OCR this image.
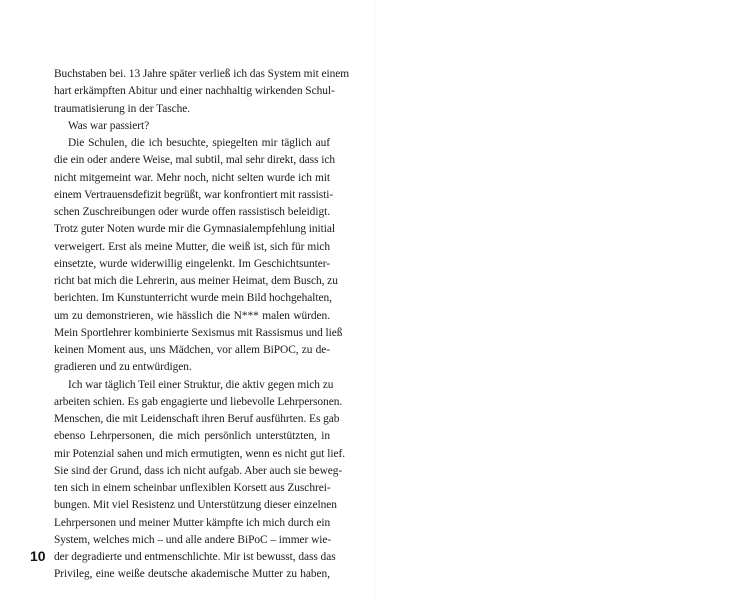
Buchstaben bei. 13 Jahre später verließ ich das System mit einem
hart erkämpften Abitur und einer nachhaltig wirkenden Schul-
traumatisierung in der Tasche.
Was war passiert?
Die Schulen, die ich besuchte, spiegelten mir täglich auf
die ein oder andere Weise, mal subtil, mal sehr direkt, dass ich
nicht mitgemeint war. Mehr noch, nicht selten wurde ich mit
einem Vertrauensdefizit begrüßt, war konfrontiert mit rassisti-
schen Zuschreibungen oder wurde offen rassistisch beleidigt.
Trotz guter Noten wurde mir die Gymnasialempfehlung initial
verweigert. Erst als meine Mutter, die weiß ist, sich für mich
einsetzte, wurde widerwillig eingelenkt. Im Geschichtsunter-
richt bat mich die Lehrerin, aus meiner Heimat, dem Busch, zu
berichten. Im Kunstunterricht wurde mein Bild hochgehalten,
um zu demonstrieren, wie hässlich die N*** malen würden.
Mein Sportlehrer kombinierte Sexismus mit Rassismus und ließ
keinen Moment aus, uns Mädchen, vor allem BiPOC, zu de-
gradieren und zu entwürdigen.
Ich war täglich Teil einer Struktur, die aktiv gegen mich zu
arbeiten schien. Es gab engagierte und liebevolle Lehrpersonen.
Menschen, die mit Leidenschaft ihren Beruf ausführten. Es gab
ebenso Lehrpersonen, die mich persönlich unterstützten, in
mir Potenzial sahen und mich ermutigten, wenn es nicht gut lief.
Sie sind der Grund, dass ich nicht aufgab. Aber auch sie beweg-
ten sich in einem scheinbar unflexiblen Korsett aus Zuschrei-
bungen. Mit viel Resistenz und Unterstützung dieser einzelnen
Lehrpersonen und meiner Mutter kämpfte ich mich durch ein
System, welches mich – und alle andere BiPoC – immer wie-
der degradierte und entmenschlichte. Mir ist bewusst, dass das
Privileg, eine weiße deutsche akademische Mutter zu haben,
10
